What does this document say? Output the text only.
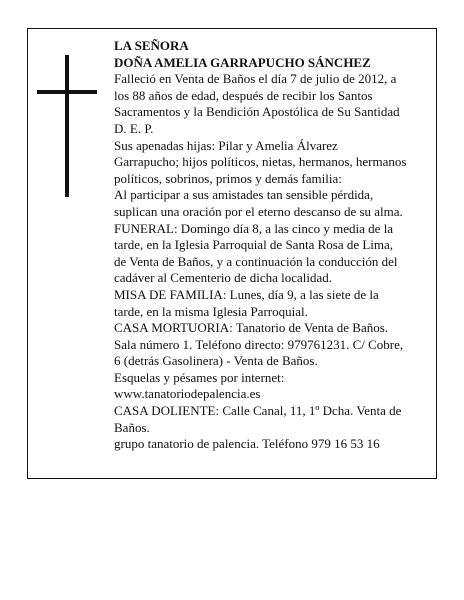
LA SEÑORA
DOÑA AMELIA GARRAPUCHO SÁNCHEZ
Falleció en Venta de Baños el día 7 de julio de 2012, a
los 88 años de edad, después de recibir los Santos
Sacramentos y la Bendición Apostólica de Su Santidad
D. E. P.
Sus apenadas hijas: Pilar y Amelia Álvarez
Garrapucho; hijos políticos, nietas, hermanos, hermanos
políticos, sobrinos, primos y demás familia:
Al participar a sus amistades tan sensible pérdida,
suplican una oración por el eterno descanso de su alma.
FUNERAL: Domingo día 8, a las cinco y media de la
tarde, en la Iglesia Parroquial de Santa Rosa de Lima,
de Venta de Baños, y a continuación la conducción del
cadáver al Cementerio de dicha localidad.
MISA DE FAMILIA: Lunes, día 9, a las siete de la
tarde, en la misma Iglesia Parroquial.
CASA MORTUORIA: Tanatorio de Venta de Baños.
Sala número 1. Teléfono directo: 979761231. C/ Cobre,
6 (detrás Gasolinera) - Venta de Baños.
Esquelas y pésames por internet:
www.tanatoriodepalencia.es
CASA DOLIENTE: Calle Canal, 11, 1º Dcha. Venta de
Baños.
grupo tanatorio de palencia. Teléfono 979 16 53 16
